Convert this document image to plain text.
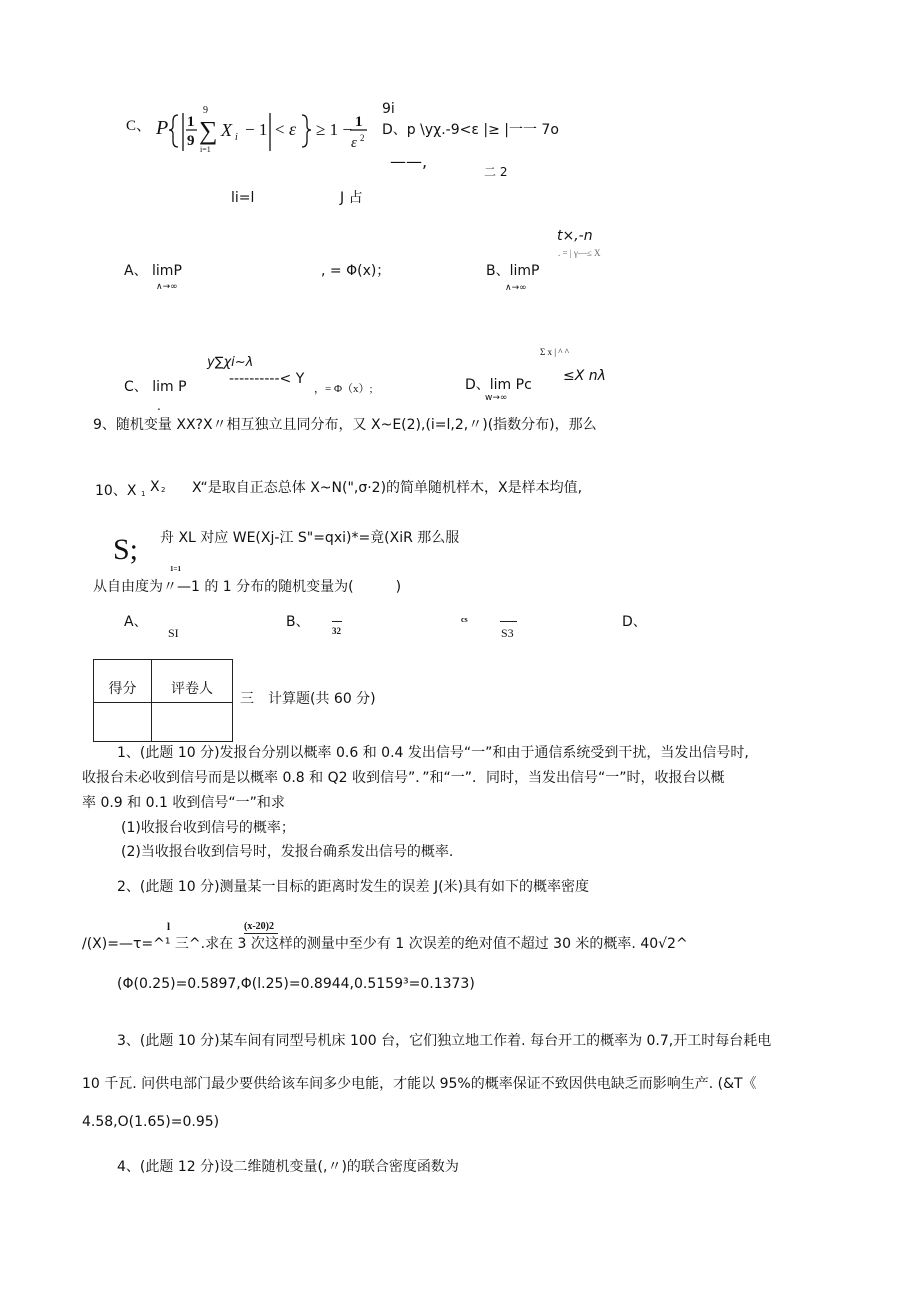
C、 P 1
9
9
∑
i=1
X i − 1 < ε ≥ 1 − 1
ε 2
9i
D、p \yχ.-9<ε |≥ |一一 7o
——,
二 2
li=l	J 占
t×,-n
. = | γ—≤ X
A、 limP
∧→∞
, = Φ(x)；	B、limP
∧→∞
y∑χi~λ
Σ x | ^ ^
≤X nλ
C、 lim P	----------< Y
，= Φ（x）;
.
D、lim Pc
w→∞
9、随机变量 XX?X〃相互独立且同分布，又 X~E(2),(i=l,2,〃)(指数分布)，那么
10、X 1 X 2 X“是取自正态总体 X~N(",σ·2)的简单随机样木，X是样本均值,
S; 舟 XL 对应 WE(Xj-江 S"=qxi)*=竟(XiR 那么服
1=1
从自由度为〃—1 的 1 分布的随机变量为(　　　)
A、
SI
B、
32
cs
S3
D、
得分	评卷人

三　计算题(共 60 分)
1、(此题 10 分)发报台分别以概率 0.6 和 0.4 发出信号“一”和由于通信系统受到干扰，当发出信号时,
收报台未必收到信号而是以概率 0.8 和 Q2 收到信号”．”和“一”．同时，当发出信号“一”时，收报台以概
率 0.9 和 0.1 收到信号“一”和求
(1)收报台收到信号的概率；
(2)当收报台收到信号时，发报台确系发出信号的概率.
2、(此题 10 分)测量某一目标的距离时发生的误差 J(米)具有如下的概率密度
l	(x-20)2
/(X)=—τ=^¹ 三^.求在 3 次这样的测量中至少有 1 次误差的绝对值不超过 30 米的概率. 40√2^
(Φ(0.25)=0.5897,Φ(l.25)=0.8944,0.5159³=0.1373)
3、(此题 10 分)某车间有同型号机床 100 台，它们独立地工作着. 每台开工的概率为 0.7,开工时每台耗电
10 千瓦. 问供电部门最少要供给该车间多少电能，才能以 95%的概率保证不致因供电缺乏而影响生产. (&T《
4.58,O(1.65)=0.95)
4、(此题 12 分)设二维随机变量(,〃)的联合密度函数为
